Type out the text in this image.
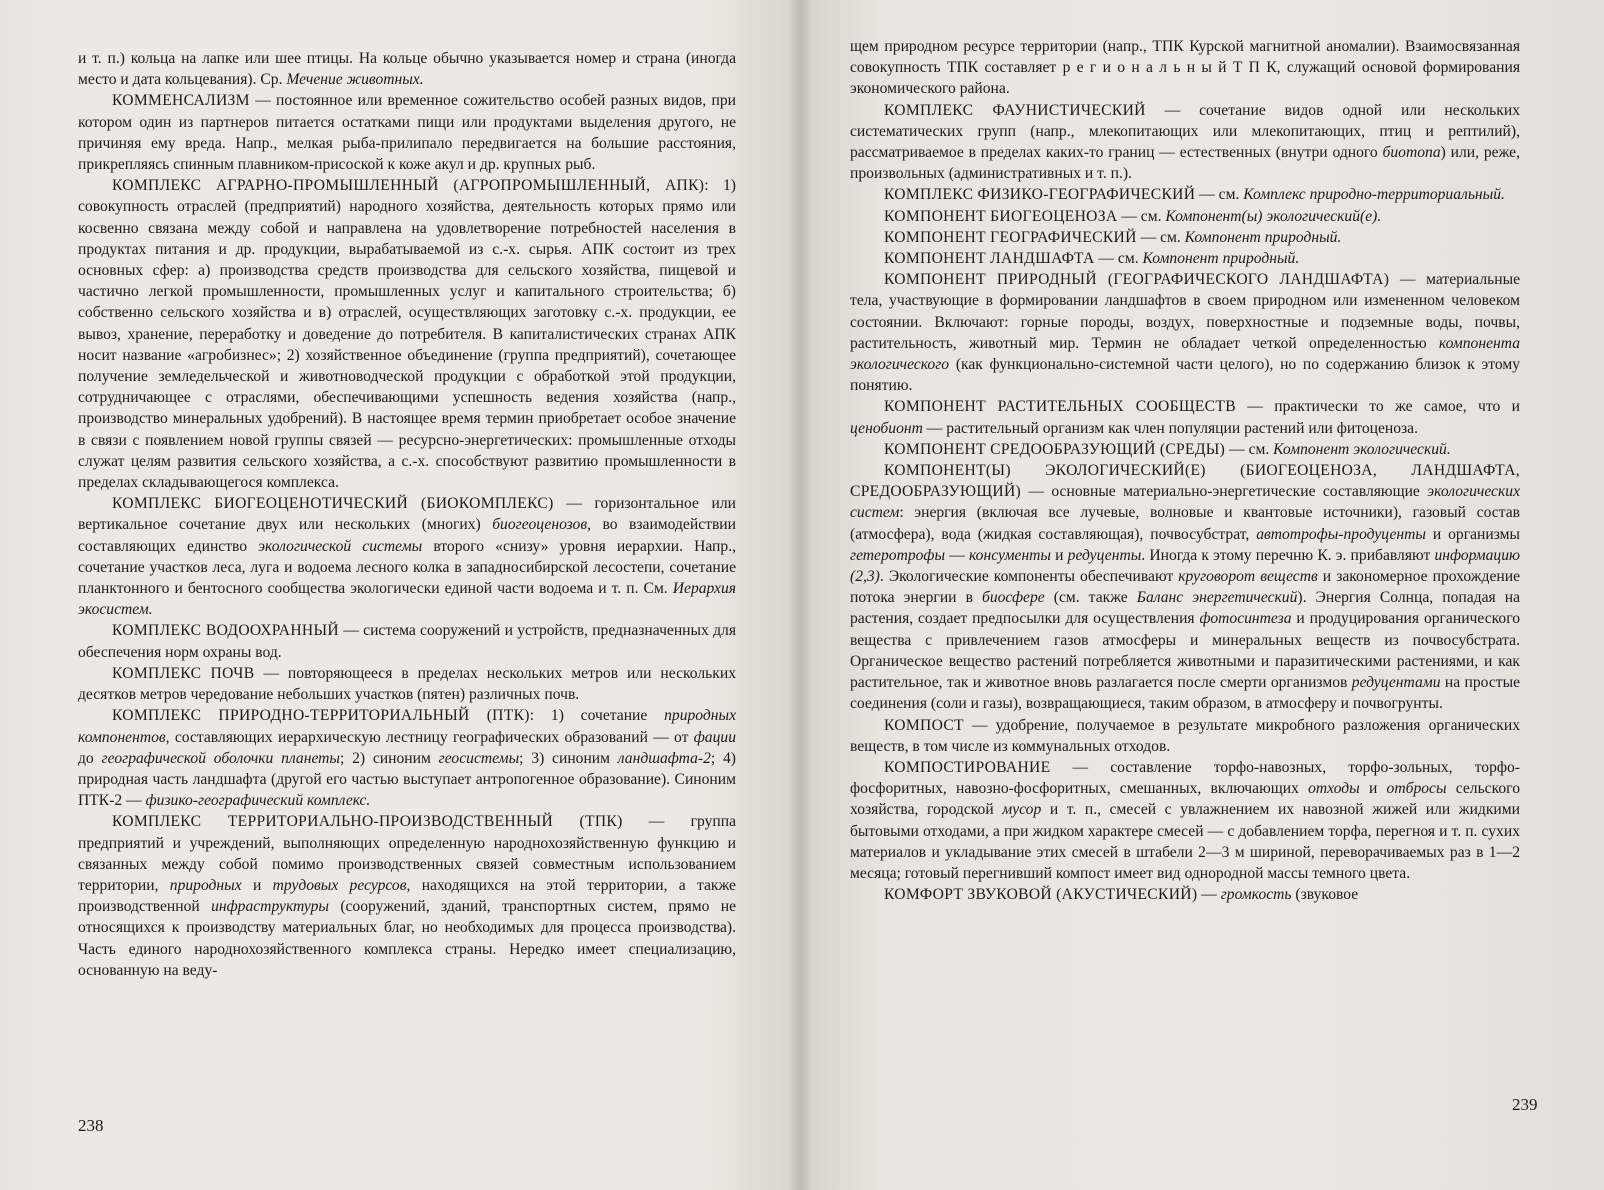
и т. п.) кольца на лапке или шее птицы. На кольце обычно указывается номер и страна (иногда место и дата кольцевания). Ср. Мечение животных.

КОММЕНСАЛИЗМ — постоянное или временное сожительство особей разных видов, при котором один из партнеров питается остатками пищи или продуктами выделения другого, не причиняя ему вреда. Напр., мелкая рыба-прилипало передвигается на большие расстояния, прикрепляясь спинным плавником-присоской к коже акул и др. крупных рыб.

КОМПЛЕКС АГРАРНО-ПРОМЫШЛЕННЫЙ (АГРОПРОМЫШЛЕННЫЙ, АПК): 1) совокупность отраслей (предприятий) народного хозяйства, деятельность которых прямо или косвенно связана между собой и направлена на удовлетворение потребностей населения в продуктах питания и др. продукции, вырабатываемой из с.-х. сырья. АПК состоит из трех основных сфер: а) производства средств производства для сельского хозяйства, пищевой и частично легкой промышленности, промышленных услуг и капитального строительства; б) собственно сельского хозяйства и в) отраслей, осуществляющих заготовку с.-х. продукции, ее вывоз, хранение, переработку и доведение до потребителя. В капиталистических странах АПК носит название «агробизнес»; 2) хозяйственное объединение (группа предприятий), сочетающее получение земледельческой и животноводческой продукции с обработкой этой продукции, сотрудничающее с отраслями, обеспечивающими успешность ведения хозяйства (напр., производство минеральных удобрений). В настоящее время термин приобретает особое значение в связи с появлением новой группы связей — ресурсно-энергетических: промышленные отходы служат целям развития сельского хозяйства, а с.-х. способствуют развитию промышленности в пределах складывающегося комплекса.

КОМПЛЕКС БИОГЕОЦЕНОТИЧЕСКИЙ (БИОКОМПЛЕКС) — горизонтальное или вертикальное сочетание двух или нескольких (многих) биогеоценозов, во взаимодействии составляющих единство экологической системы второго «снизу» уровня иерархии. Напр., сочетание участков леса, луга и водоема лесного колка в западносибирской лесостепи, сочетание планктонного и бентосного сообщества экологически единой части водоема и т. п. См. Иерархия экосистем.

КОМПЛЕКС ВОДООХРАННЫЙ — система сооружений и устройств, предназначенных для обеспечения норм охраны вод.

КОМПЛЕКС ПОЧВ — повторяющееся в пределах нескольких метров или нескольких десятков метров чередование небольших участков (пятен) различных почв.

КОМПЛЕКС ПРИРОДНО-ТЕРРИТОРИАЛЬНЫЙ (ПТК): 1) сочетание природных компонентов, составляющих иерархическую лестницу географических образований — от фации до географической оболочки планеты; 2) синоним геосистемы; 3) синоним ландшафта-2; 4) природная часть ландшафта (другой его частью выступает антропогенное образование). Синоним ПТК-2 — физико-географический комплекс.

КОМПЛЕКС ТЕРРИТОРИАЛЬНО-ПРОИЗВОДСТВЕННЫЙ (ТПК) — группа предприятий и учреждений, выполняющих определенную народнохозяйственную функцию и связанных между собой помимо производственных связей совместным использованием территории, природных и трудовых ресурсов, находящихся на этой территории, а также производственной инфраструктуры (сооружений, зданий, транспортных систем, прямо не относящихся к производству материальных благ, но необходимых для процесса производства). Часть единого народнохозяйственного комплекса страны. Нередко имеет специализацию, основанную на веду-

238

щем природном ресурсе территории (напр., ТПК Курской магнитной аномалии). Взаимосвязанная совокупность ТПК составляет р е г и о н а л ь н ы й Т П К, служащий основой формирования экономического района.

КОМПЛЕКС ФАУНИСТИЧЕСКИЙ — сочетание видов одной или нескольких систематических групп (напр., млекопитающих или млекопитающих, птиц и рептилий), рассматриваемое в пределах каких-то границ — естественных (внутри одного биотопа) или, реже, произвольных (административных и т. п.).

КОМПЛЕКС ФИЗИКО-ГЕОГРАФИЧЕСКИЙ — см. Комплекс природно-территориальный.

КОМПОНЕНТ БИОГЕОЦЕНОЗА — см. Компонент(ы) экологический(е).

КОМПОНЕНТ ГЕОГРАФИЧЕСКИЙ — см. Компонент природный.

КОМПОНЕНТ ЛАНДШАФТА — см. Компонент природный.

КОМПОНЕНТ ПРИРОДНЫЙ (ГЕОГРАФИЧЕСКОГО ЛАНДШАФТА) — материальные тела, участвующие в формировании ландшафтов в своем природном или измененном человеком состоянии. Включают: горные породы, воздух, поверхностные и подземные воды, почвы, растительность, животный мир. Термин не обладает четкой определенностью компонента экологического (как функционально-системной части целого), но по содержанию близок к этому понятию.

КОМПОНЕНТ РАСТИТЕЛЬНЫХ СООБЩЕСТВ — практически то же самое, что и ценобионт — растительный организм как член популяции растений или фитоценоза.

КОМПОНЕНТ СРЕДООБРАЗУЮЩИЙ (СРЕДЫ) — см. Компонент экологический.

КОМПОНЕНТ(Ы) ЭКОЛОГИЧЕСКИЙ(Е) (БИОГЕОЦЕНОЗА, ЛАНДШАФТА, СРЕДООБРАЗУЮЩИЙ) — основные материально-энергетические составляющие экологических систем: энергия (включая все лучевые, волновые и квантовые источники), газовый состав (атмосфера), вода (жидкая составляющая), почвосубстрат, автотрофы-продуценты и организмы гетеротрофы — консументы и редуценты. Иногда к этому перечню К. э. прибавляют информацию (2,3). Экологические компоненты обеспечивают круговорот веществ и закономерное прохождение потока энергии в биосфере (см. также Баланс энергетический). Энергия Солнца, попадая на растения, создает предпосылки для осуществления фотосинтеза и продуцирования органического вещества с привлечением газов атмосферы и минеральных веществ из почвосубстрата. Органическое вещество растений потребляется животными и паразитическими растениями, и как растительное, так и животное вновь разлагается после смерти организмов редуцентами на простые соединения (соли и газы), возвращающиеся, таким образом, в атмосферу и почвогрунты.

КОМПОСТ — удобрение, получаемое в результате микробного разложения органических веществ, в том числе из коммунальных отходов.

КОМПОСТИРОВАНИЕ — составление торфо-навозных, торфо-зольных, торфо-фосфоритных, навозно-фосфоритных, смешанных, включающих отходы и отбросы сельского хозяйства, городской мусор и т. п., смесей с увлажнением их навозной жижей или жидкими бытовыми отходами, а при жидком характере смесей — с добавлением торфа, перегноя и т. п. сухих материалов и укладывание этих смесей в штабели 2—3 м шириной, переворачиваемых раз в 1—2 месяца; готовый перегнивший компост имеет вид однородной массы темного цвета.

КОМФОРТ ЗВУКОВОЙ (АКУСТИЧЕСКИЙ) — громкость (звуковое

239
